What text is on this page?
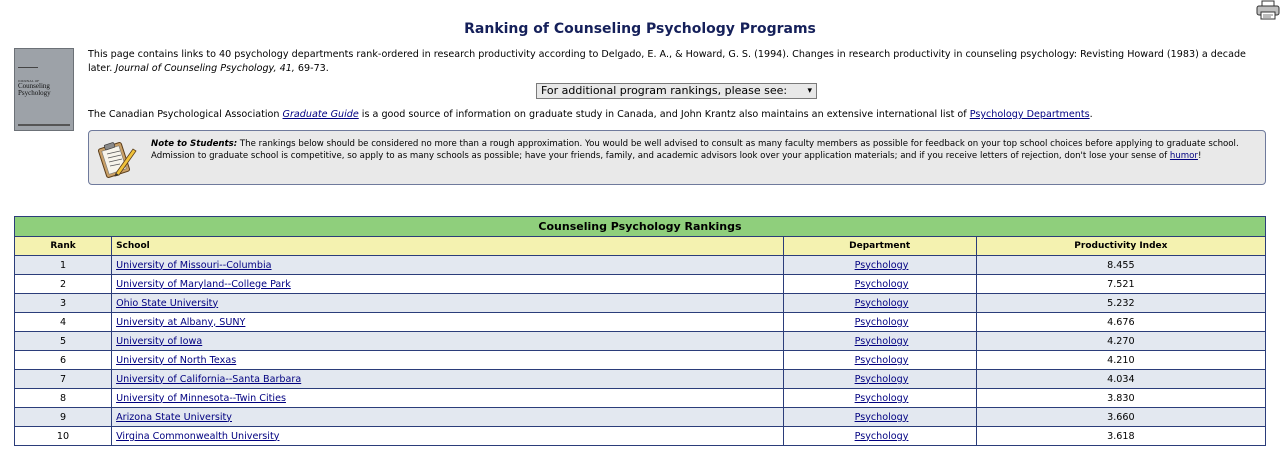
Ranking of Counseling Psychology Programs
JOURNAL OF
Counseling Psychology
This page contains links to 40 psychology departments rank-ordered in research productivity according to Delgado, E. A., & Howard, G. S. (1994). Changes in research productivity in counseling psychology: Revisting Howard (1983) a decade later. Journal of Counseling Psychology, 41, 69-73.
For additional program rankings, please see: ▾
The Canadian Psychological Association Graduate Guide is a good source of information on graduate study in Canada, and John Krantz also maintains an extensive international list of Psychology Departments.
Note to Students: The rankings below should be considered no more than a rough approximation. You would be well advised to consult as many faculty members as possible for feedback on your top school choices before applying to graduate school. Admission to graduate school is competitive, so apply to as many schools as possible; have your friends, family, and academic advisors look over your application materials; and if you receive letters of rejection, don't lose your sense of humor!
Counseling Psychology Rankings			
Rank	School	Department	Productivity Index
1	University of Missouri--Columbia	Psychology	8.455
2	University of Maryland--College Park	Psychology	7.521
3	Ohio State University	Psychology	5.232
4	University at Albany, SUNY	Psychology	4.676
5	University of Iowa	Psychology	4.270
6	University of North Texas	Psychology	4.210
7	University of California--Santa Barbara	Psychology	4.034
8	University of Minnesota--Twin Cities	Psychology	3.830
9	Arizona State University	Psychology	3.660
10	Virgina Commonwealth University	Psychology	3.618
